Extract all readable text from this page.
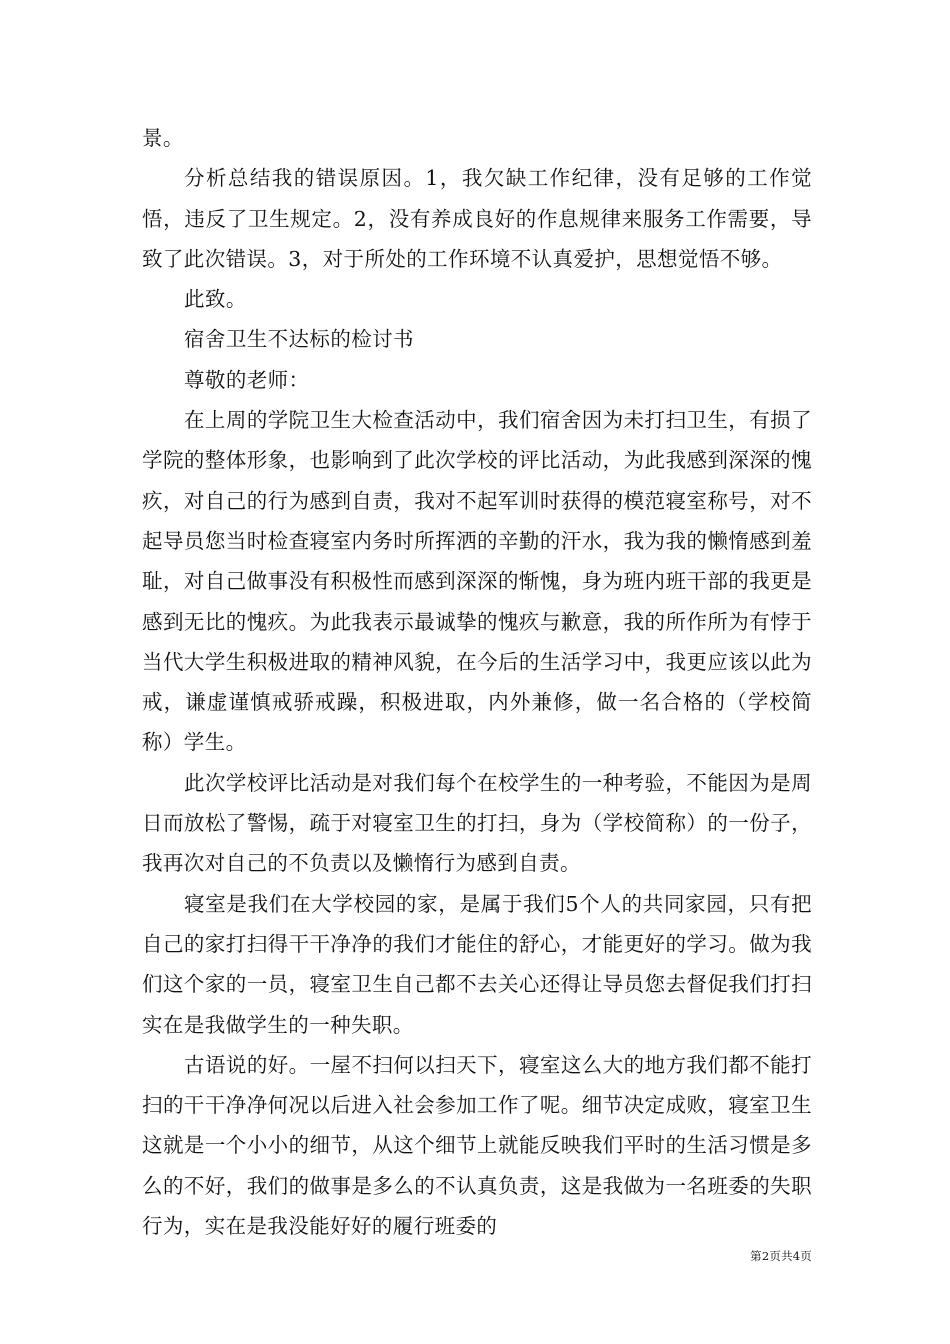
景。

分析总结我的错误原因。1，我欠缺工作纪律，没有足够的工作觉悟，违反了卫生规定。2，没有养成良好的作息规律来服务工作需要，导致了此次错误。3，对于所处的工作环境不认真爱护，思想觉悟不够。

此致。

宿舍卫生不达标的检讨书

尊敬的老师：

在上周的学院卫生大检查活动中，我们宿舍因为未打扫卫生，有损了学院的整体形象，也影响到了此次学校的评比活动，为此我感到深深的愧疚，对自己的行为感到自责，我对不起军训时获得的模范寝室称号，对不起导员您当时检查寝室内务时所挥洒的辛勤的汗水，我为我的懒惰感到羞耻，对自己做事没有积极性而感到深深的惭愧，身为班内班干部的我更是感到无比的愧疚。为此我表示最诚挚的愧疚与歉意，我的所作所为有悖于当代大学生积极进取的精神风貌，在今后的生活学习中，我更应该以此为戒，谦虚谨慎戒骄戒躁，积极进取，内外兼修，做一名合格的（学校简称）学生。

此次学校评比活动是对我们每个在校学生的一种考验，不能因为是周日而放松了警惕，疏于对寝室卫生的打扫，身为（学校简称）的一份子，我再次对自己的不负责以及懒惰行为感到自责。

寝室是我们在大学校园的家，是属于我们5个人的共同家园，只有把自己的家打扫得干干净净的我们才能住的舒心，才能更好的学习。做为我们这个家的一员，寝室卫生自己都不去关心还得让导员您去督促我们打扫实在是我做学生的一种失职。

古语说的好。一屋不扫何以扫天下，寝室这么大的地方我们都不能打扫的干干净净何况以后进入社会参加工作了呢。细节决定成败，寝室卫生这就是一个小小的细节，从这个细节上就能反映我们平时的生活习惯是多么的不好，我们的做事是多么的不认真负责，这是我做为一名班委的失职行为，实在是我没能好好的履行班委的

第2页共4页
